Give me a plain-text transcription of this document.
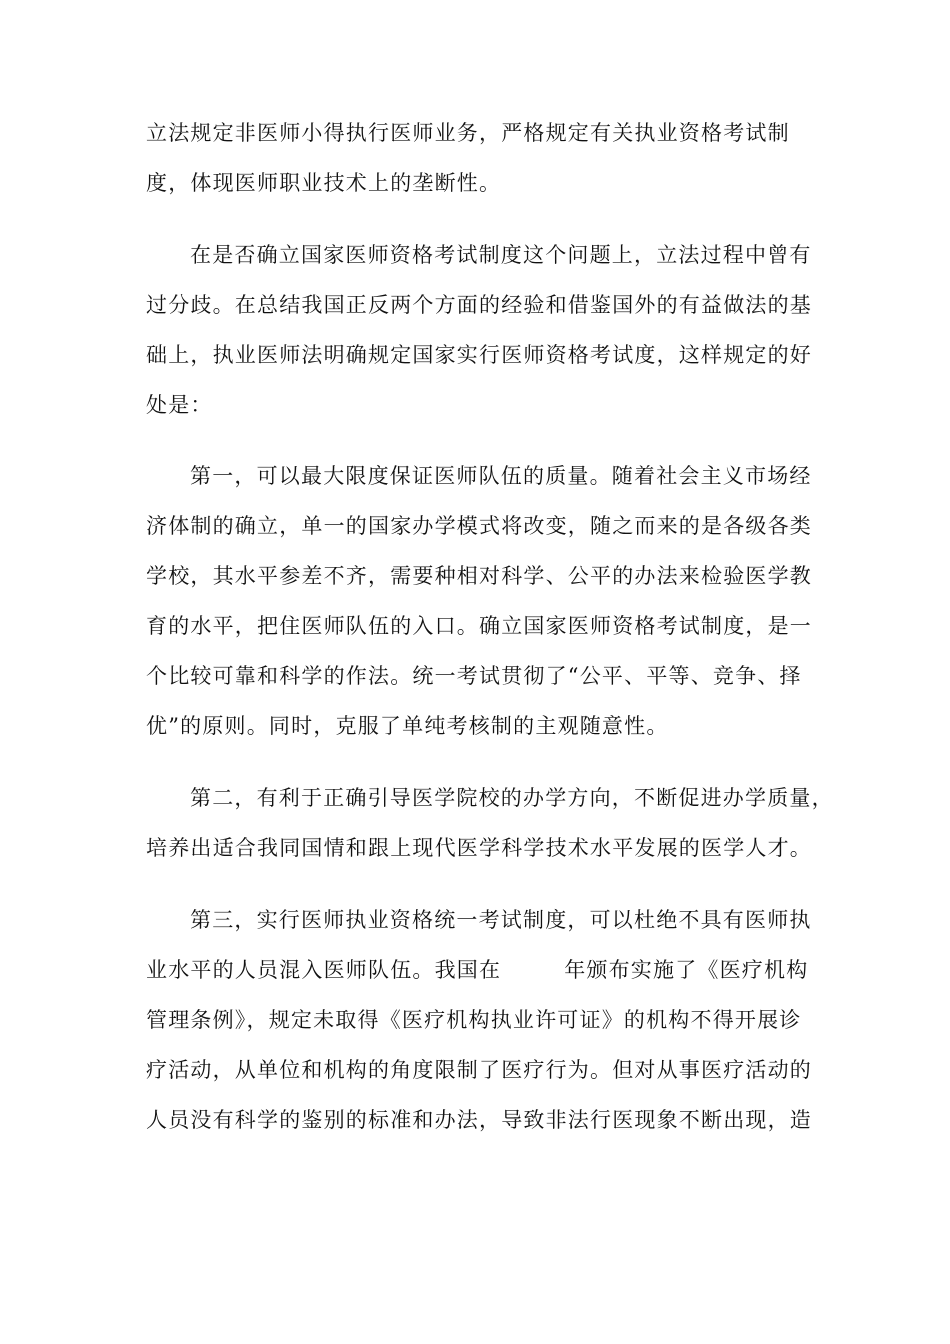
立法规定非医师小得执行医师业务，严格规定有关执业资格考试制
度，体现医师职业技术上的垄断性。
在是否确立国家医师资格考试制度这个问题上，立法过程中曾有
过分歧。在总结我国正反两个方面的经验和借鉴国外的有益做法的基
础上，执业医师法明确规定国家实行医师资格考试度，这样规定的好
处是：
第一，可以最大限度保证医师队伍的质量。随着社会主义市场经
济体制的确立，单一的国家办学模式将改变，随之而来的是各级各类
学校，其水平参差不齐，需要种相对科学、公平的办法来检验医学教
育的水平，把住医师队伍的入口。确立国家医师资格考试制度，是一
个比较可靠和科学的作法。统一考试贯彻了“公平、平等、竞争、择
优”的原则。同时，克服了单纯考核制的主观随意性。
第二，有利于正确引导医学院校的办学方向，不断促进办学质量，
培养出适合我同国情和跟上现代医学科学技术水平发展的医学人才。
第三，实行医师执业资格统一考试制度，可以杜绝不具有医师执
业水平的人员混入医师队伍。我国在        年颁布实施了《医疗机构
管理条例》，规定未取得《医疗机构执业许可证》的机构不得开展诊
疗活动，从单位和机构的角度限制了医疗行为。但对从事医疗活动的
人员没有科学的鉴别的标准和办法，导致非法行医现象不断出现，造
